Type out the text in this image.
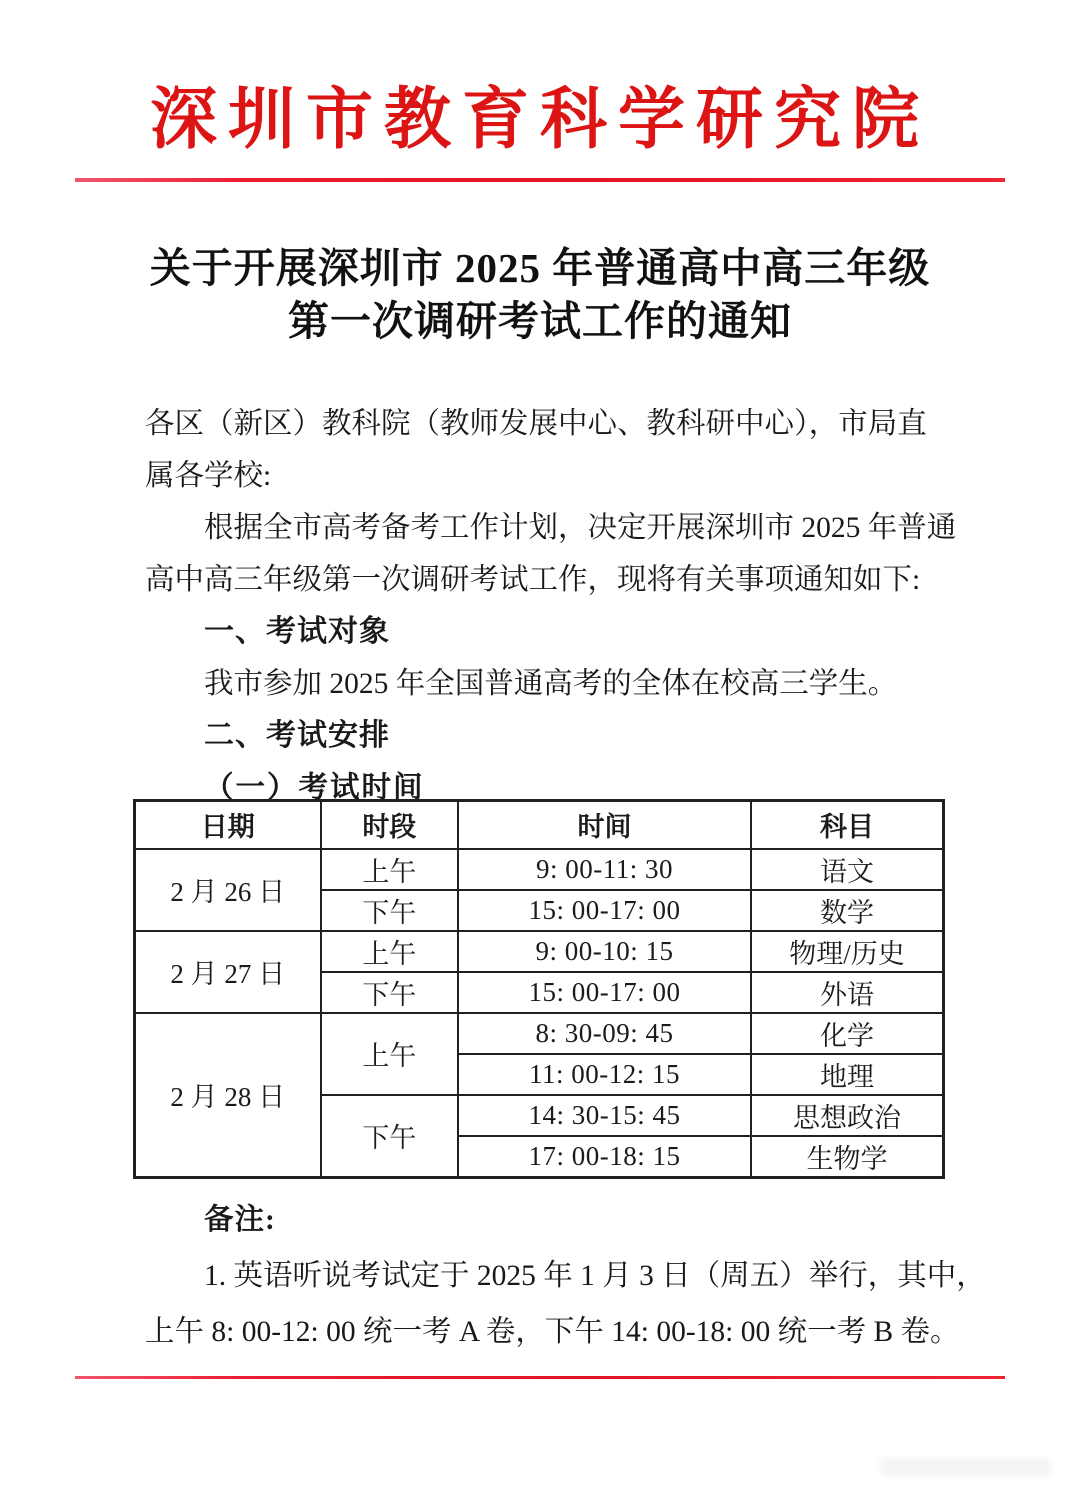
深圳市教育科学研究院
关于开展深圳市 2025 年普通高中高三年级
第一次调研考试工作的通知
各区（新区）教科院（教师发展中心、教科研中心），市局直
属各学校:
根据全市高考备考工作计划，决定开展深圳市 2025 年普通
高中高三年级第一次调研考试工作，现将有关事项通知如下:
一、考试对象
我市参加 2025 年全国普通高考的全体在校高三学生。
二、考试安排
（一）考试时间
日期	时段	时间	科目
2 月 26 日	上午	9: 00-11: 30	语文
	下午	15: 00-17: 00	数学
2 月 27 日	上午	9: 00-10: 15	物理/历史
	下午	15: 00-17: 00	外语
2 月 28 日	上午	8: 30-09: 45	化学
		11: 00-12: 15	地理
	下午	14: 30-15: 45	思想政治
		17: 00-18: 15	生物学
备注:
1. 英语听说考试定于 2025 年 1 月 3 日（周五）举行，其中，
上午 8: 00-12: 00 统一考 A 卷，下午 14: 00-18: 00 统一考 B 卷。
